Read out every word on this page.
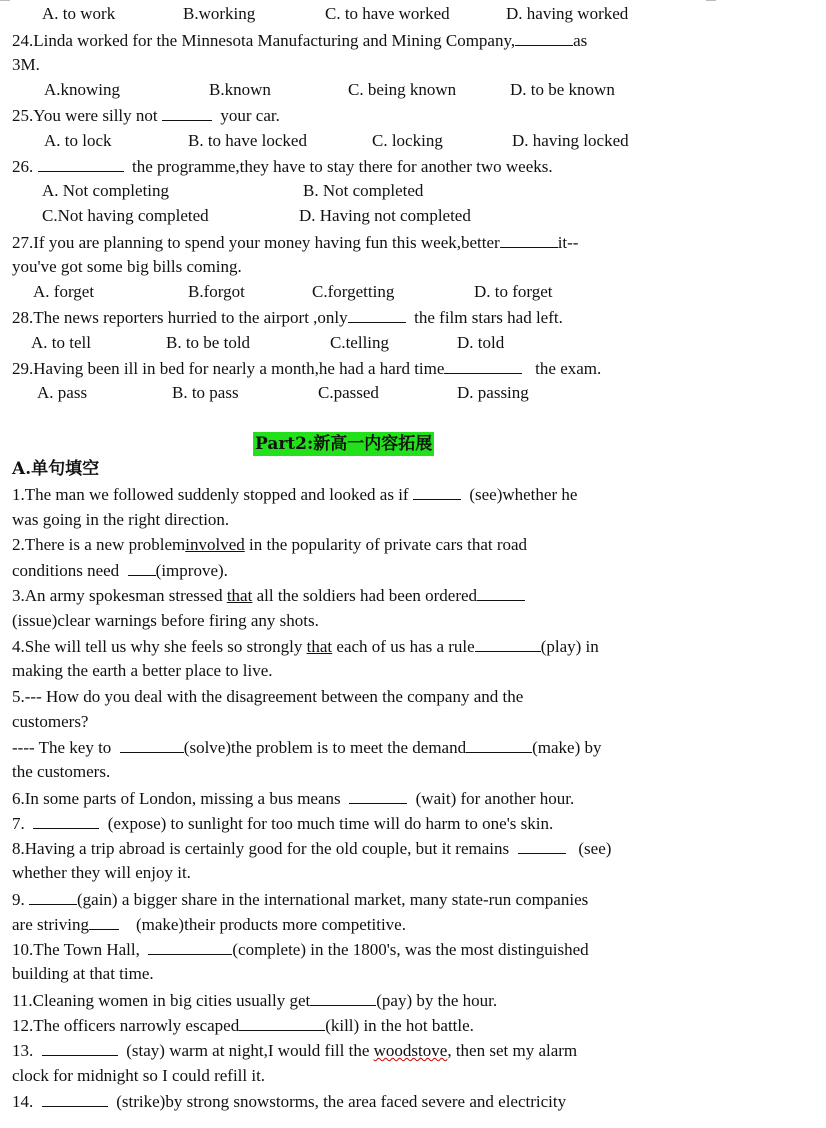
A. to work	B.working	C. to have worked	D. having worked
24.Linda worked for the Minnesota Manufacturing and Mining Company,	as
3M.
A.knowing	B.known	C. being known	D. to be known
25.You were silly not	your car.
A. to lock	B. to have locked	C. locking	D. having locked
26.	the programme,they have to stay there for another two weeks.
A. Not completing	B. Not completed
C.Not having completed	D. Having not completed
27.If you are planning to spend your money having fun this week,better	it--
you've got some big bills coming.
A. forget	B.forgot	C.forgetting	D. to forget
28.The news reporters hurried to the airport ,only	the film stars had left.
A. to tell	B. to be told	C.telling	D. told
29.Having been ill in bed for nearly a month,he had a hard time	the exam.
A. pass	B. to pass	C.passed	D. passing
Part2:新高一内容拓展
A.单句填空
1.The man we followed suddenly stopped and looked as if	(see)whether he
was going in the right direction.
2.There is a new probleminvolved in the popularity of private cars that road
conditions need (improve).
3.An army spokesman stressed that all the soldiers had been ordered
(issue)clear warnings before firing any shots.
4.She will tell us why she feels so strongly that each of us has a rule	(play) in
making the earth a better place to live.
5.--- How do you deal with the disagreement between the company and the
customers?
---- The key to	(solve)the problem is to meet the demand	(make) by
the customers.
6.In some parts of London, missing a bus means	(wait) for another hour.
7.	(expose) to sunlight for too much time will do harm to one's skin.
8.Having a trip abroad is certainly good for the old couple, but it remains	(see)
whether they will enjoy it.
9.	(gain) a bigger share in the international market, many state-run companies
are striving	(make)their products more competitive.
10.The Town Hall,	(complete) in the 1800's, was the most distinguished
building at that time.
11.Cleaning women in big cities usually get	(pay) by the hour.
12.The officers narrowly escaped	(kill) in the hot battle.
13.	(stay) warm at night,I would fill the woodstove, then set my alarm
clock for midnight so I could refill it.
14.	(strike)by strong snowstorms, the area faced severe and electricity
